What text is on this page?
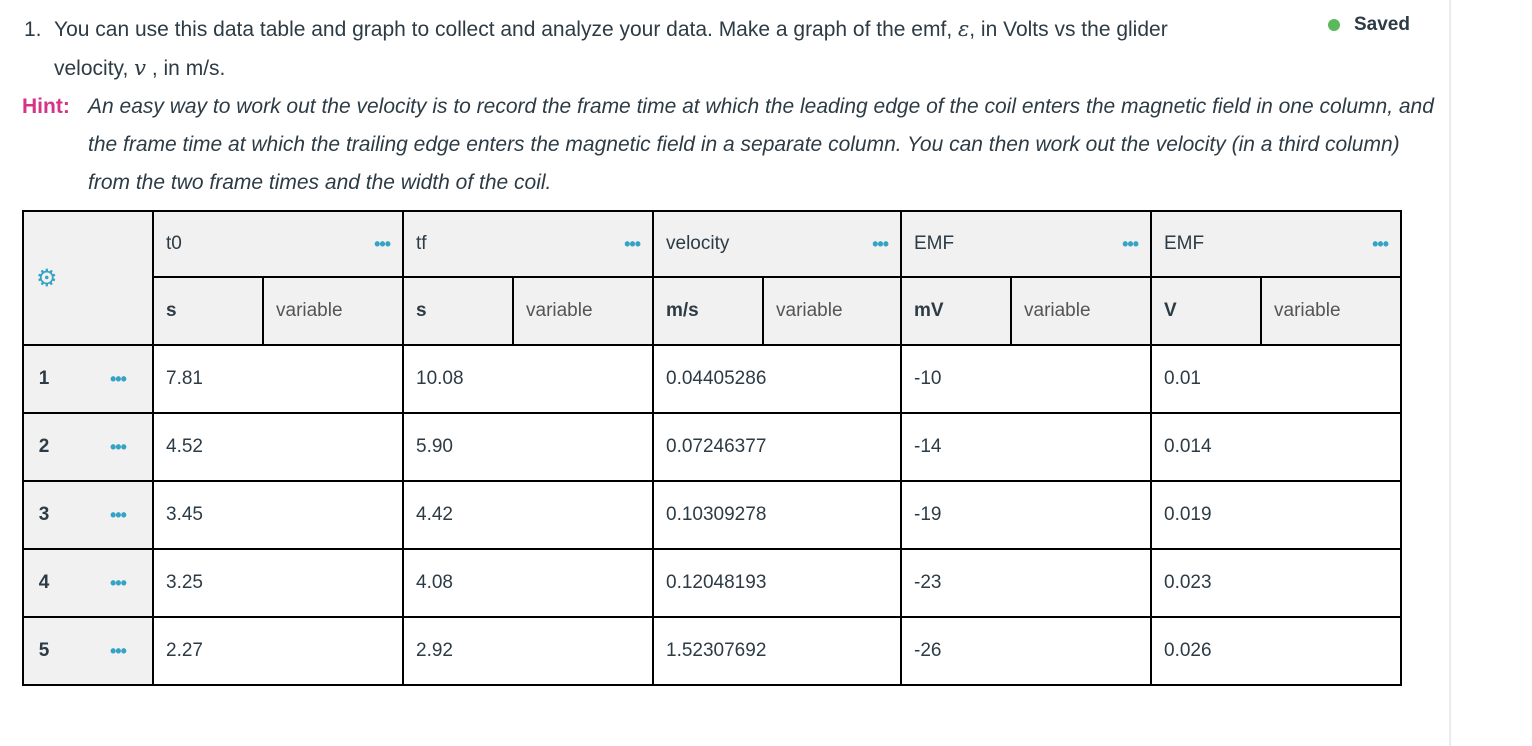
1. You can use this data table and graph to collect and analyze your data. Make a graph of the emf, ε, in Volts vs the glider
velocity, v , in m/s.
Saved
Hint: An easy way to work out the velocity is to record the frame time at which the leading edge of the coil enters the magnetic field in one column, and the frame time at which the trailing edge enters the magnetic field in a separate column. You can then work out the velocity (in a third column) from the two frame times and the width of the coil.
⚙	t0 •••	tf •••	velocity •••	EMF •••	EMF •••

s variable	s variable	m/s variable	mV variable	V variable

1 •••	7.81	10.08	0.04405286	-10	0.01

2 •••	4.52	5.90	0.07246377	-14	0.014

3 •••	3.45	4.42	0.10309278	-19	0.019

4 •••	3.25	4.08	0.12048193	-23	0.023

5 •••	2.27	2.92	1.52307692	-26	0.026
